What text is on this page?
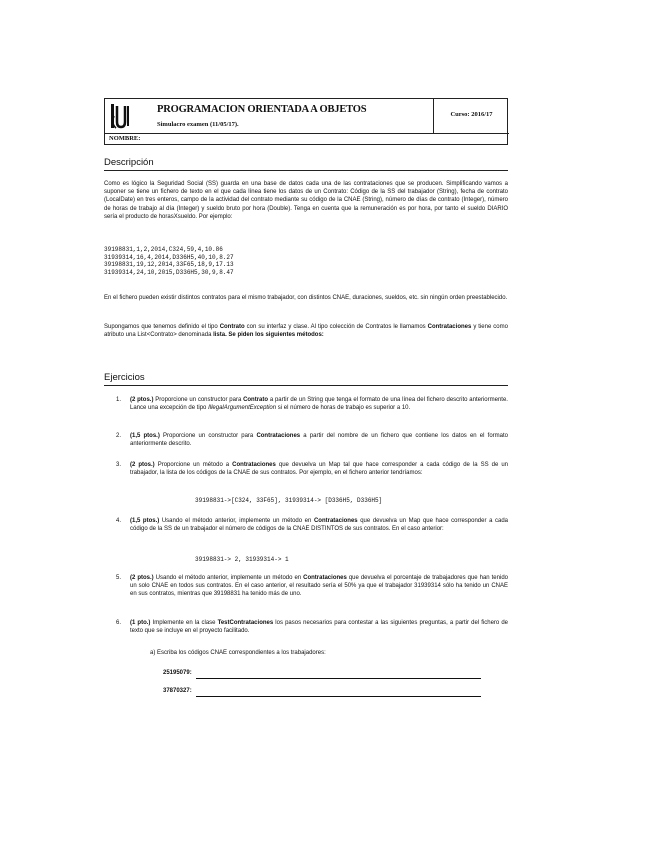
PROGRAMACION ORIENTADA A OBJETOS
Simulacro examen (11/05/17).
Curso: 2016/17
NOMBRE:
Descripción

Como es lógico la Seguridad Social (SS) guarda en una base de datos cada una de las contrataciones que se producen. Simplificando vamos a suponer se tiene un fichero de texto en el que cada línea tiene los datos de un Contrato: Código de la SS del trabajador (String), fecha de contrato (LocalDate) en tres enteros, campo de la actividad del contrato mediante su código de la CNAE (String), número de días de contrato (Integer), número de horas de trabajo al día (Integer) y sueldo bruto por hora (Double). Tenga en cuenta que la remuneración es por hora, por tanto el sueldo DIARIO sería el producto de horasXsueldo. Por ejemplo:

39198831,1,2,2014,C324,59,4,10.86
31939314,16,4,2014,D336H5,40,10,8.27
39198831,19,12,2014,33F65,18,9,17.13
31939314,24,10,2015,D336H5,30,9,8.47

En el fichero pueden existir distintos contratos para el mismo trabajador, con distintos CNAE, duraciones, sueldos, etc. sin ningún orden preestablecido.

Supongamos que tenemos definido el tipo Contrato con su interfaz y clase. Al tipo colección de Contratos le llamamos Contrataciones y tiene como atributo una List<Contrato> denominada lista. Se piden los siguientes métodos:

Ejercicios
1. (2 ptos.) Proporcione un constructor para Contrato a partir de un String que tenga el formato de una línea del fichero descrito anteriormente. Lance una excepción de tipo IllegalArgumentException si el número de horas de trabajo es superior a 10.
2. (1,5 ptos.) Proporcione un constructor para Contrataciones a partir del nombre de un fichero que contiene los datos en el formato anteriormente descrito.
3. (2 ptos.) Proporcione un método a Contrataciones que devuelva un Map tal que hace corresponder a cada código de la SS de un trabajador, la lista de los códigos de la CNAE de sus contratos. Por ejemplo, en el fichero anterior tendríamos:
39198831->[C324, 33F65], 31939314-> [D336H5, D336H5]
4. (1,5 ptos.) Usando el método anterior, implemente un método en Contrataciones que devuelva un Map que hace corresponder a cada código de la SS de un trabajador el número de códigos de la CNAE DISTINTOS de sus contratos. En el caso anterior:
39198831-> 2, 31939314-> 1
5. (2 ptos.) Usando el método anterior, implemente un método en Contrataciones que devuelva el porcentaje de trabajadores que han tenido un solo CNAE en todos sus contratos. En el caso anterior, el resultado sería el 50% ya que el trabajador 31939314 sólo ha tenido un CNAE en sus contratos, mientras que 39198831 ha tenido más de uno.
6. (1 pto.) Implemente en la clase TestContrataciones los pasos necesarios para contestar a las siguientes preguntas, a partir del fichero de texto que se incluye en el proyecto facilitado.
a) Escriba los códigos CNAE correspondientes a los trabajadores:
25195079:
37870327:
